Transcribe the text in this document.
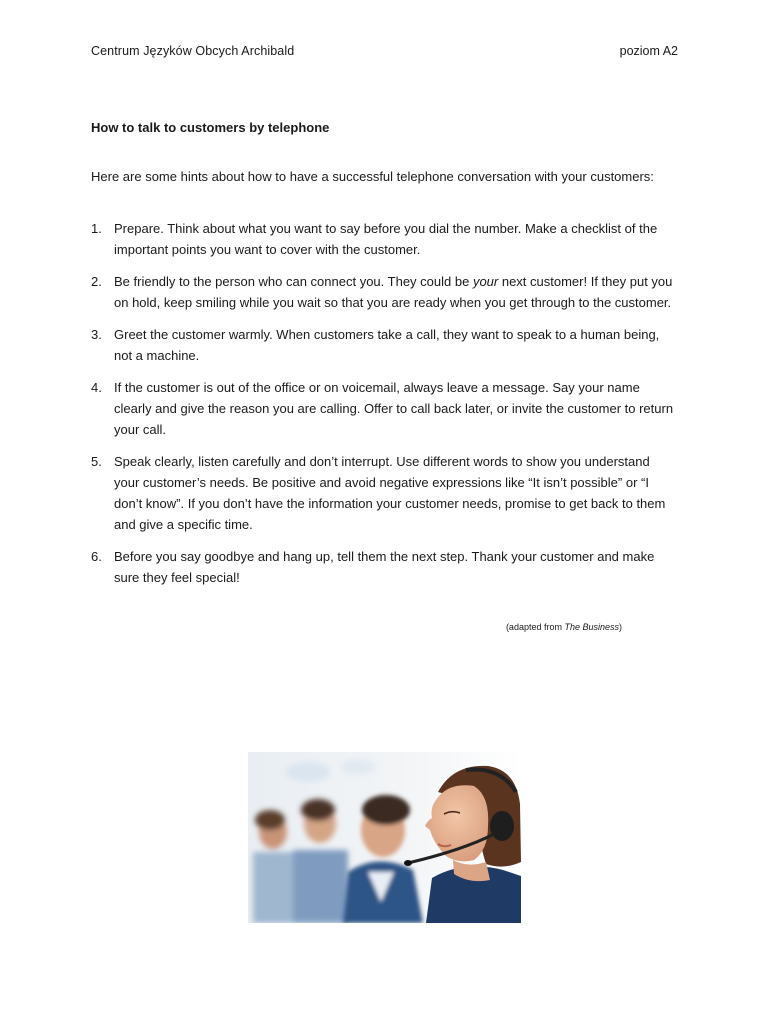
Centrum Języków Obcych Archibald	poziom A2
How to talk to customers by telephone
Here are some hints about how to have a successful telephone conversation with your customers:
1. Prepare. Think about what you want to say before you dial the number. Make a checklist of the important points you want to cover with the customer.
2. Be friendly to the person who can connect you. They could be your next customer! If they put you on hold, keep smiling while you wait so that you are ready when you get through to the customer.
3. Greet the customer warmly. When customers take a call, they want to speak to a human being, not a machine.
4. If the customer is out of the office or on voicemail, always leave a message. Say your name clearly and give the reason you are calling. Offer to call back later, or invite the customer to return your call.
5. Speak clearly, listen carefully and don’t interrupt. Use different words to show you understand your customer’s needs. Be positive and avoid negative expressions like “It isn’t possible” or “I don’t know”. If you don’t have the information your customer needs, promise to get back to them and give a specific time.
6. Before you say goodbye and hang up, tell them the next step. Thank your customer and make sure they feel special!
(adapted from The Business)
